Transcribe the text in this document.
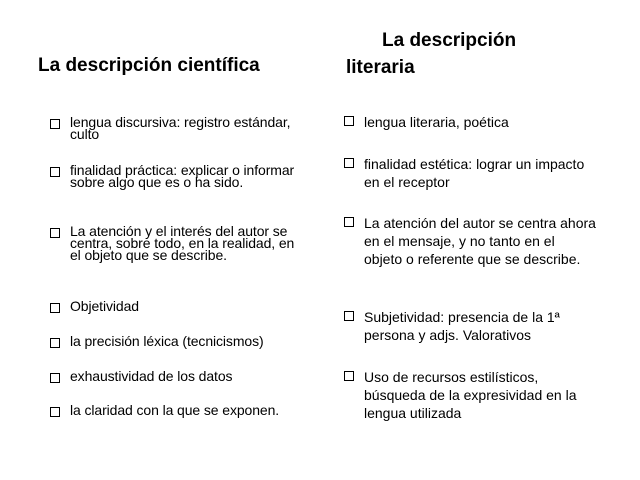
La descripción científica
La descripción
literaria
lengua discursiva: registro estándar, culto
finalidad práctica: explicar o informar sobre algo que es o ha sido.
La atención y el interés del autor se centra, sobre todo, en la realidad, en el objeto que se describe.
Objetividad
la precisión léxica (tecnicismos)
exhaustividad de los datos
la claridad con la que se exponen.
lengua literaria, poética
finalidad estética: lograr un impacto en el receptor
La atención del autor se centra ahora en el mensaje, y no tanto en el objeto o referente que se describe.
Subjetividad: presencia de la 1ª persona y adjs. Valorativos
Uso de recursos estilísticos, búsqueda de la expresividad en la lengua utilizada
